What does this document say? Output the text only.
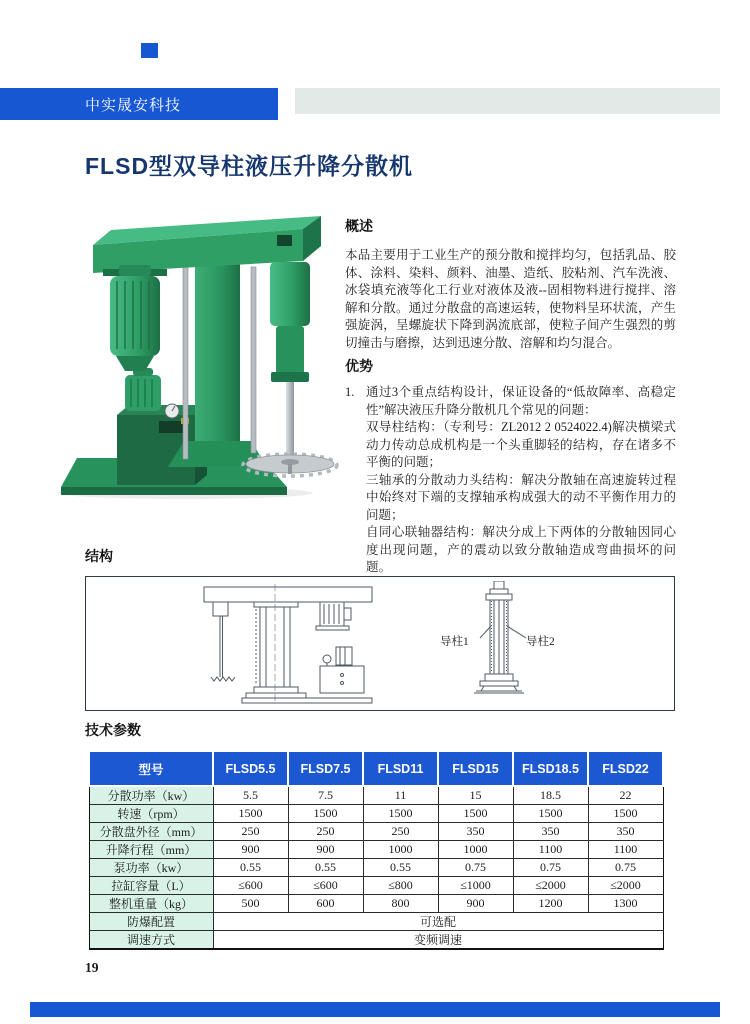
中实晟安科技
FLSD型双导柱液压升降分散机
概述

本品主要用于工业生产的预分散和搅拌均匀，包括乳品、胶体、涂料、染料、颜料、油墨、造纸、胶粘剂、汽车洗液、冰袋填充液等化工行业对液体及液--固相物料进行搅拌、溶解和分散。通过分散盘的高速运转，使物料呈环状流，产生强旋涡，呈螺旋状下降到涡流底部，使粒子间产生强烈的剪切撞击与磨擦，达到迅速分散、溶解和均匀混合。

优势
1. 通过3个重点结构设计，保证设备的“低故障率、高稳定性”解决液压升降分散机几个常见的问题：
双导柱结构：（专利号：ZL2012 2 0524022.4)解决横梁式动力传动总成机构是一个头重脚轻的结构，存在诸多不平衡的问题；
三轴承的分散动力头结构：解决分散轴在高速旋转过程中始终对下端的支撑轴承构成强大的动不平衡作用力的问题；
自同心联轴器结构：解决分成上下两体的分散轴因同心度出现问题，产的震动以致分散轴造成弯曲损坏的问题。
结构
导柱1	导柱2
技术参数
型号	FLSD5.5	FLSD7.5	FLSD11	FLSD15	FLSD18.5	FLSD22
分散功率（kw）	5.5	7.5	11	15	18.5	22
转速（rpm）	1500	1500	1500	1500	1500	1500
分散盘外径（mm）	250	250	250	350	350	350
升降行程（mm）	900	900	1000	1000	1100	1100
泵功率（kw）	0.55	0.55	0.55	0.75	0.75	0.75
拉缸容量（L）	≤600	≤600	≤800	≤1000	≤2000	≤2000
整机重量（kg）	500	600	800	900	1200	1300
防爆配置	可选配					
调速方式	变频调速					
19
